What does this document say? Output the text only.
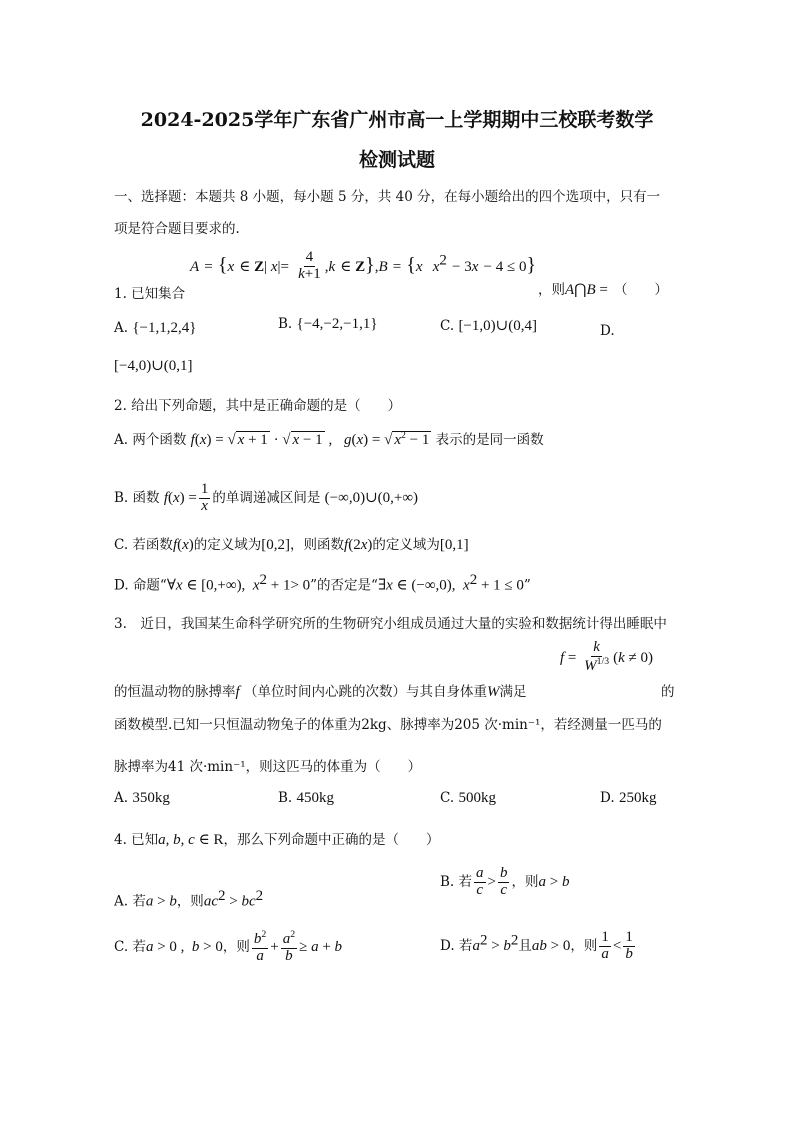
2024-2025学年广东省广州市高一上学期期中三校联考数学
检测试题
一、选择题：本题共 8 小题，每小题 5 分，共 40 分，在每小题给出的四个选项中，只有一
项是符合题目要求的.
A = {x ∈ Z| $x|= \frac{4}{k+1} ,k$ ∈ Z},B = {x $x^2 - 3x - 4 \le 0$}
1. 已知集合	，则A⋂B = （　　）
A. {−1,1,2,4}	B. {−4,−2,−1,1}	C. [−1,0)∪(0,4]	D.
[−4,0)∪(0,1]
2. 给出下列命题，其中是正确命题的是（　　）
A. 两个函数 f(x) = √ x + 1 · √ x − 1 ,   g(x) = √ $x^2 - 1$ 表示的是同一函数
B. 函数 $f(x) = \frac{1}{x}$ 的单调递减区间是 (−∞,0)∪(0,+∞)
C. 若函数f(x)的定义域为[0,2]，则函数f(2x)的定义域为[0,1]
D. 命题“∀x ∈ [0,+∞),  $x^2 + 1> 0$”的否定是“∃x ∈ (−∞,0),  $x^2 + 1 \le 0$”
3.　近日，我国某生命科学研究所的生物研究小组成员通过大量的实验和数据统计得出睡眠中
$f = \frac{k}{W^{1/3}} (k \ne 0)$
的恒温动物的脉搏率f （单位时间内心跳的次数）与其自身体重W满足	的
函数模型.已知一只恒温动物兔子的体重为2kg、脉搏率为205 次·min⁻¹，若经测量一匹马的
脉搏率为41 次·min⁻¹，则这匹马的体重为（　　）
A. 350kg	B. 450kg	C. 500kg	D. 250kg
4. 已知a, b, c ∈ R，那么下列命题中正确的是（　　）
A. 若a > b，则$ac^2 > bc^2$
B. 若 $\frac{a}{c} > \frac{b}{c}$ ，则a > b
C. 若a > 0 ,  b > 0，则 $\frac{b^2}{a} + \frac{a^2}{b} \ge a + b$	D. 若$a^2 > b^2$且ab > 0，则 $\frac{1}{a} < \frac{1}{b}$
